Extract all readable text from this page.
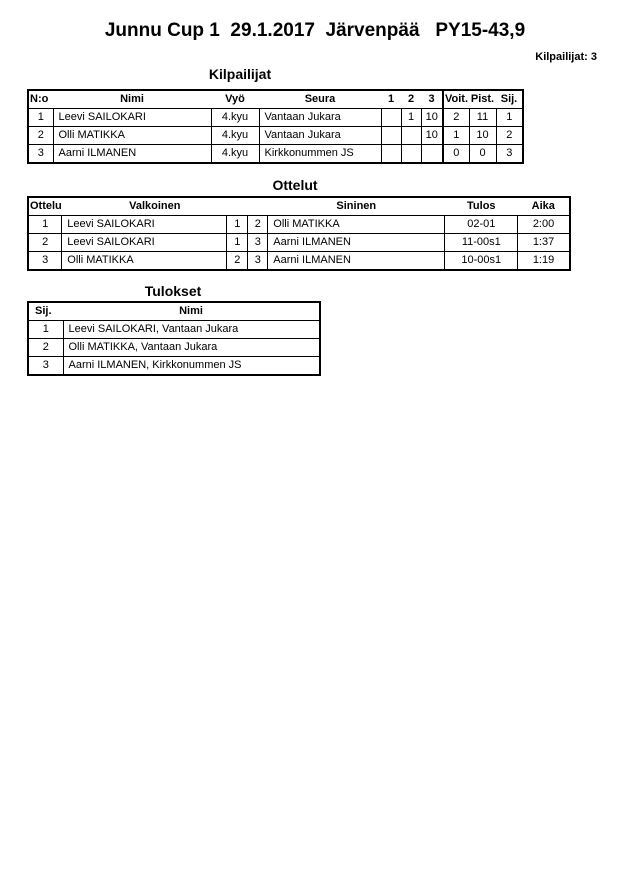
Junnu Cup 1  29.1.2017  Järvenpää   PY15-43,9
Kilpailijat: 3
Kilpailijat
N:o	Nimi	Vyö	Seura	1	2	3	Voit.	Pist.	Sij.
1	Leevi SAILOKARI	4.kyu	Vantaan Jukara		1	10	2	11	1
2	Olli MATIKKA	4.kyu	Vantaan Jukara			10	1	10	2
3	Aarni ILMANEN	4.kyu	Kirkkonummen JS				0	0	3
Ottelut
Ottelu	Valkoinen			Sininen	Tulos	Aika
1	Leevi SAILOKARI	1	2	Olli MATIKKA	02-01	2:00
2	Leevi SAILOKARI	1	3	Aarni ILMANEN	11-00s1	1:37
3	Olli MATIKKA	2	3	Aarni ILMANEN	10-00s1	1:19
Tulokset
Sij.	Nimi
1	Leevi SAILOKARI, Vantaan Jukara
2	Olli MATIKKA, Vantaan Jukara
3	Aarni ILMANEN, Kirkkonummen JS
